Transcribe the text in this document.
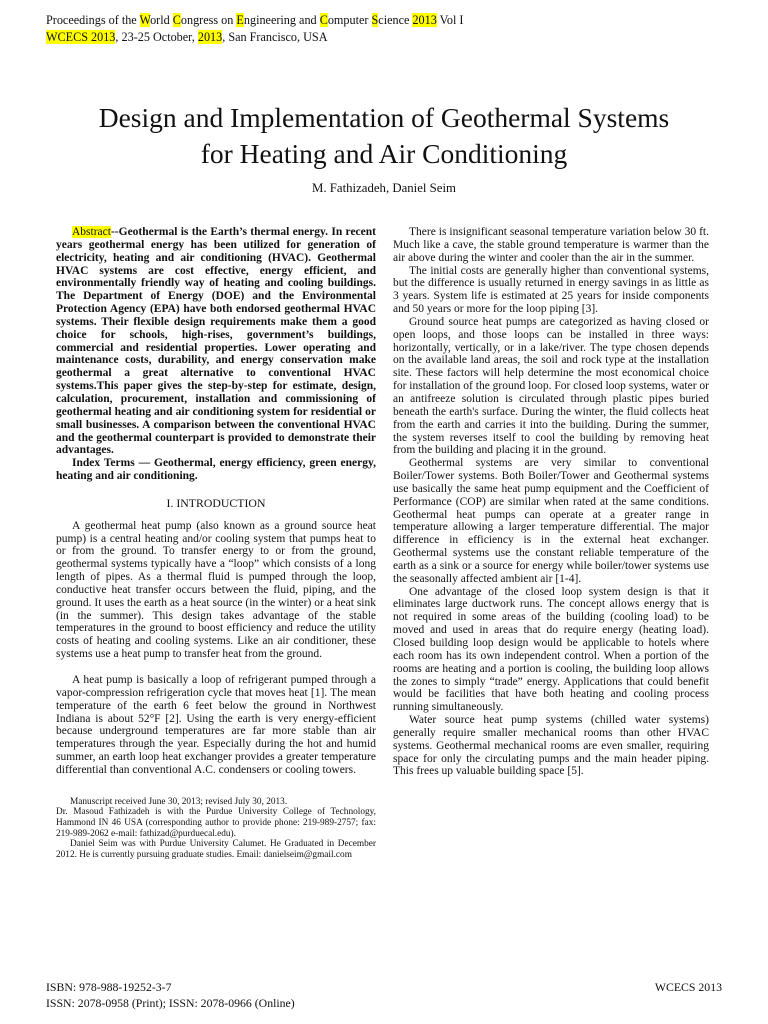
Proceedings of the World Congress on Engineering and Computer Science 2013 Vol I
WCECS 2013, 23-25 October, 2013, San Francisco, USA
Design and Implementation of Geothermal Systems
for Heating and Air Conditioning
M. Fathizadeh, Daniel Seim

Abstract--Geothermal is the Earth’s thermal energy. In recent years geothermal energy has been utilized for generation of electricity, heating and air conditioning (HVAC). Geothermal HVAC systems are cost effective, energy efficient, and environmentally friendly way of heating and cooling buildings. The Department of Energy (DOE) and the Environmental Protection Agency (EPA) have both endorsed geothermal HVAC systems. Their flexible design requirements make them a good choice for schools, high-rises, government’s buildings, commercial and residential properties. Lower operating and maintenance costs, durability, and energy conservation make geothermal a great alternative to conventional HVAC systems.This paper gives the step-by-step for estimate, design, calculation, procurement, installation and commissioning of geothermal heating and air conditioning system for residential or small businesses. A comparison between the conventional HVAC and the geothermal counterpart is provided to demonstrate their advantages.

Index Terms — Geothermal, energy efficiency, green energy, heating and air conditioning.

I. INTRODUCTION

A geothermal heat pump (also known as a ground source heat pump) is a central heating and/or cooling system that pumps heat to or from the ground. To transfer energy to or from the ground, geothermal systems typically have a “loop” which consists of a long length of pipes. As a thermal fluid is pumped through the loop, conductive heat transfer occurs between the fluid, piping, and the ground. It uses the earth as a heat source (in the winter) or a heat sink (in the summer). This design takes advantage of the stable temperatures in the ground to boost efficiency and reduce the utility costs of heating and cooling systems. Like an air conditioner, these systems use a heat pump to transfer heat from the ground.

A heat pump is basically a loop of refrigerant pumped through a vapor-compression refrigeration cycle that moves heat [1]. The mean temperature of the earth 6 feet below the ground in Northwest Indiana is about 52°F [2]. Using the earth is very energy-efficient because underground temperatures are far more stable than air temperatures through the year. Especially during the hot and humid summer, an earth loop heat exchanger provides a greater temperature differential than conventional A.C. condensers or cooling towers.

Manuscript received June 30, 2013; revised July 30, 2013.

Dr. Masoud Fathizadeh is with the Purdue University College of Technology, Hammond IN 46 USA (corresponding author to provide phone: 219-989-2757; fax: 219-989-2062 e-mail: fathizad@purduecal.edu).

Daniel Seim was with Purdue University Calumet. He Graduated in December 2012. He is currently pursuing graduate studies. Email: danielseim@gmail.com

There is insignificant seasonal temperature variation below 30 ft. Much like a cave, the stable ground temperature is warmer than the air above during the winter and cooler than the air in the summer.

The initial costs are generally higher than conventional systems, but the difference is usually returned in energy savings in as little as 3 years. System life is estimated at 25 years for inside components and 50 years or more for the loop piping [3].

Ground source heat pumps are categorized as having closed or open loops, and those loops can be installed in three ways: horizontally, vertically, or in a lake/river. The type chosen depends on the available land areas, the soil and rock type at the installation site. These factors will help determine the most economical choice for installation of the ground loop. For closed loop systems, water or an antifreeze solution is circulated through plastic pipes buried beneath the earth's surface. During the winter, the fluid collects heat from the earth and carries it into the building. During the summer, the system reverses itself to cool the building by removing heat from the building and placing it in the ground.

Geothermal systems are very similar to conventional Boiler/Tower systems. Both Boiler/Tower and Geothermal systems use basically the same heat pump equipment and the Coefficient of Performance (COP) are similar when rated at the same conditions. Geothermal heat pumps can operate at a greater range in temperature allowing a larger temperature differential. The major difference in efficiency is in the external heat exchanger. Geothermal systems use the constant reliable temperature of the earth as a sink or a source for energy while boiler/tower systems use the seasonally affected ambient air [1-4].

One advantage of the closed loop system design is that it eliminates large ductwork runs. The concept allows energy that is not required in some areas of the building (cooling load) to be moved and used in areas that do require energy (heating load). Closed building loop design would be applicable to hotels where each room has its own independent control. When a portion of the rooms are heating and a portion is cooling, the building loop allows the zones to simply “trade” energy. Applications that could benefit would be facilities that have both heating and cooling process running simultaneously.

Water source heat pump systems (chilled water systems) generally require smaller mechanical rooms than other HVAC systems. Geothermal mechanical rooms are even smaller, requiring space for only the circulating pumps and the main header piping. This frees up valuable building space [5].

ISBN: 978-988-19252-3-7
ISSN: 2078-0958 (Print); ISSN: 2078-0966 (Online)
WCECS 2013
